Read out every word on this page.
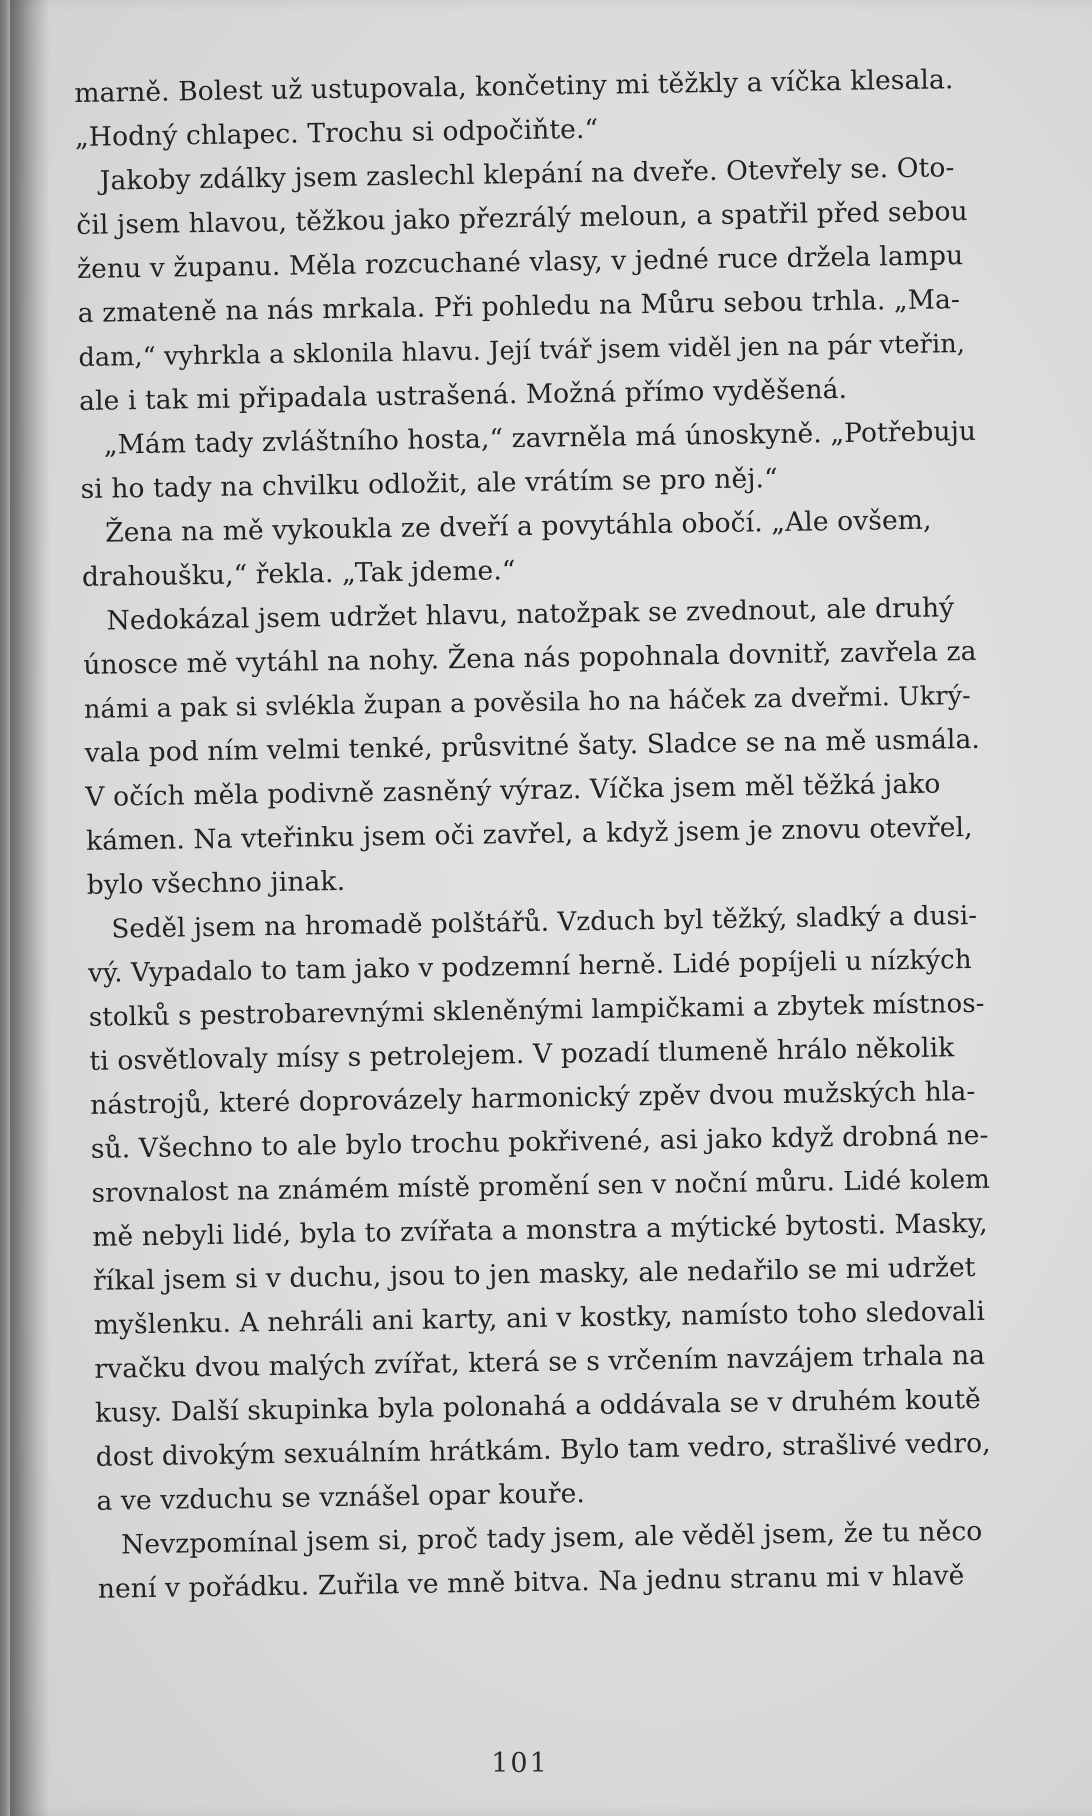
marně. Bolest už ustupovala, končetiny mi těžkly a víčka klesala.
„Hodný chlapec. Trochu si odpočiňte.“
Jakoby zdálky jsem zaslechl klepání na dveře. Otevřely se. Oto-
čil jsem hlavou, těžkou jako přezrálý meloun, a spatřil před sebou
ženu v županu. Měla rozcuchané vlasy, v jedné ruce držela lampu
a zmateně na nás mrkala. Při pohledu na Můru sebou trhla. „Ma-
dam,“ vyhrkla a sklonila hlavu. Její tvář jsem viděl jen na pár vteřin,
ale i tak mi připadala ustrašená. Možná přímo vyděšená.
„Mám tady zvláštního hosta,“ zavrněla má únoskyně. „Potřebuju
si ho tady na chvilku odložit, ale vrátím se pro něj.“
Žena na mě vykoukla ze dveří a povytáhla obočí. „Ale ovšem,
drahoušku,“ řekla. „Tak jdeme.“
Nedokázal jsem udržet hlavu, natožpak se zvednout, ale druhý
únosce mě vytáhl na nohy. Žena nás popohnala dovnitř, zavřela za
námi a pak si svlékla župan a pověsila ho na háček za dveřmi. Ukrý-
vala pod ním velmi tenké, průsvitné šaty. Sladce se na mě usmála.
V očích měla podivně zasněný výraz. Víčka jsem měl těžká jako
kámen. Na vteřinku jsem oči zavřel, a když jsem je znovu otevřel,
bylo všechno jinak.
Seděl jsem na hromadě polštářů. Vzduch byl těžký, sladký a dusi-
vý. Vypadalo to tam jako v podzemní herně. Lidé popíjeli u nízkých
stolků s pestrobarevnými skleněnými lampičkami a zbytek místnos-
ti osvětlovaly mísy s petrolejem. V pozadí tlumeně hrálo několik
nástrojů, které doprovázely harmonický zpěv dvou mužských hla-
sů. Všechno to ale bylo trochu pokřivené, asi jako když drobná ne-
srovnalost na známém místě promění sen v noční můru. Lidé kolem
mě nebyli lidé, byla to zvířata a monstra a mýtické bytosti. Masky,
říkal jsem si v duchu, jsou to jen masky, ale nedařilo se mi udržet
myšlenku. A nehráli ani karty, ani v kostky, namísto toho sledovali
rvačku dvou malých zvířat, která se s vrčením navzájem trhala na
kusy. Další skupinka byla polonahá a oddávala se v druhém koutě
dost divokým sexuálním hrátkám. Bylo tam vedro, strašlivé vedro,
a ve vzduchu se vznášel opar kouře.
Nevzpomínal jsem si, proč tady jsem, ale věděl jsem, že tu něco
není v pořádku. Zuřila ve mně bitva. Na jednu stranu mi v hlavě
101
